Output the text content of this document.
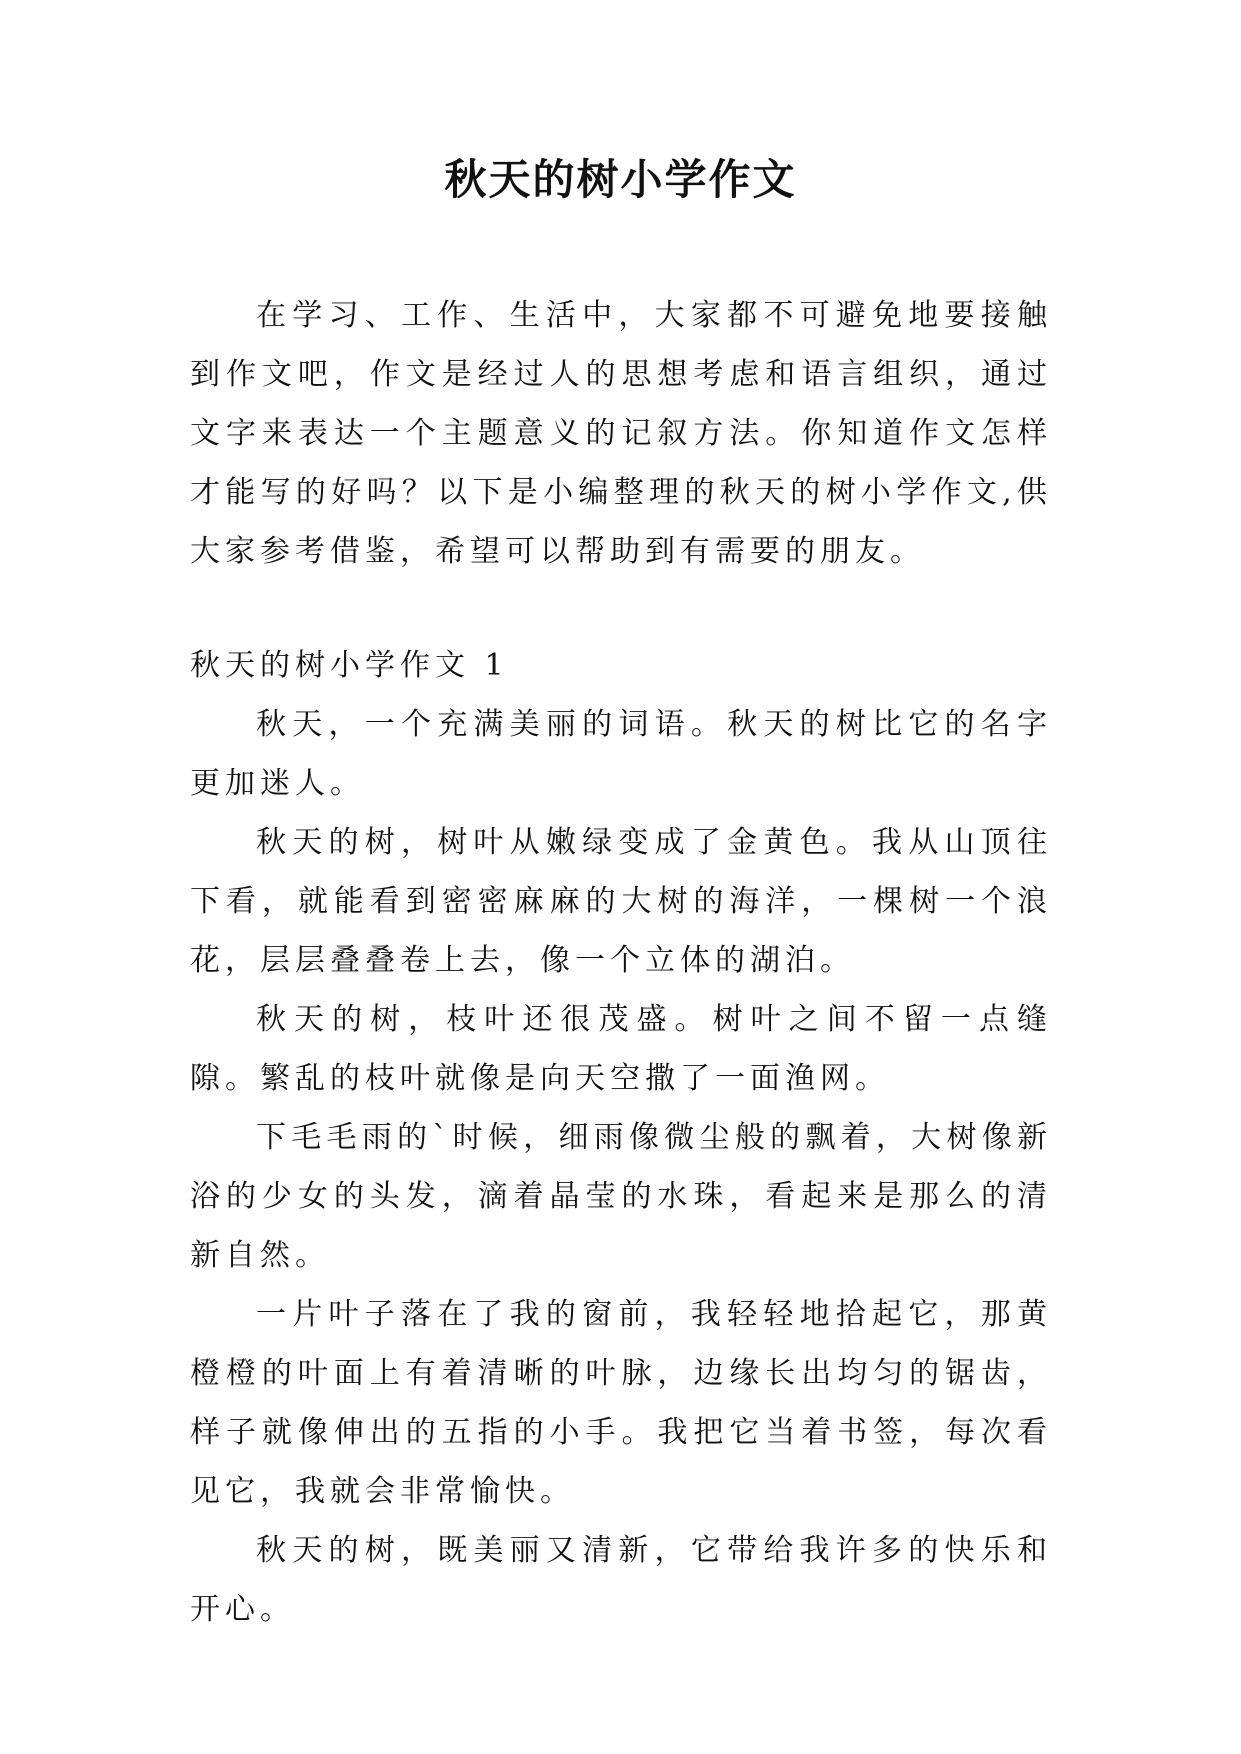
秋天的树小学作文

在学习、工作、生活中，大家都不可避免地要接触到作文吧，作文是经过人的思想考虑和语言组织，通过文字来表达一个主题意义的记叙方法。你知道作文怎样才能写的好吗？以下是小编整理的秋天的树小学作文,供大家参考借鉴，希望可以帮助到有需要的朋友。

秋天的树小学作文 1

秋天，一个充满美丽的词语。秋天的树比它的名字更加迷人。

秋天的树，树叶从嫩绿变成了金黄色。我从山顶往下看，就能看到密密麻麻的大树的海洋，一棵树一个浪花，层层叠叠卷上去，像一个立体的湖泊。

秋天的树，枝叶还很茂盛。树叶之间不留一点缝隙。繁乱的枝叶就像是向天空撒了一面渔网。

下毛毛雨的`时候，细雨像微尘般的飘着，大树像新浴的少女的头发，滴着晶莹的水珠，看起来是那么的清新自然。

一片叶子落在了我的窗前，我轻轻地拾起它，那黄橙橙的叶面上有着清晰的叶脉，边缘长出均匀的锯齿，样子就像伸出的五指的小手。我把它当着书签，每次看见它，我就会非常愉快。

秋天的树，既美丽又清新，它带给我许多的快乐和开心。
